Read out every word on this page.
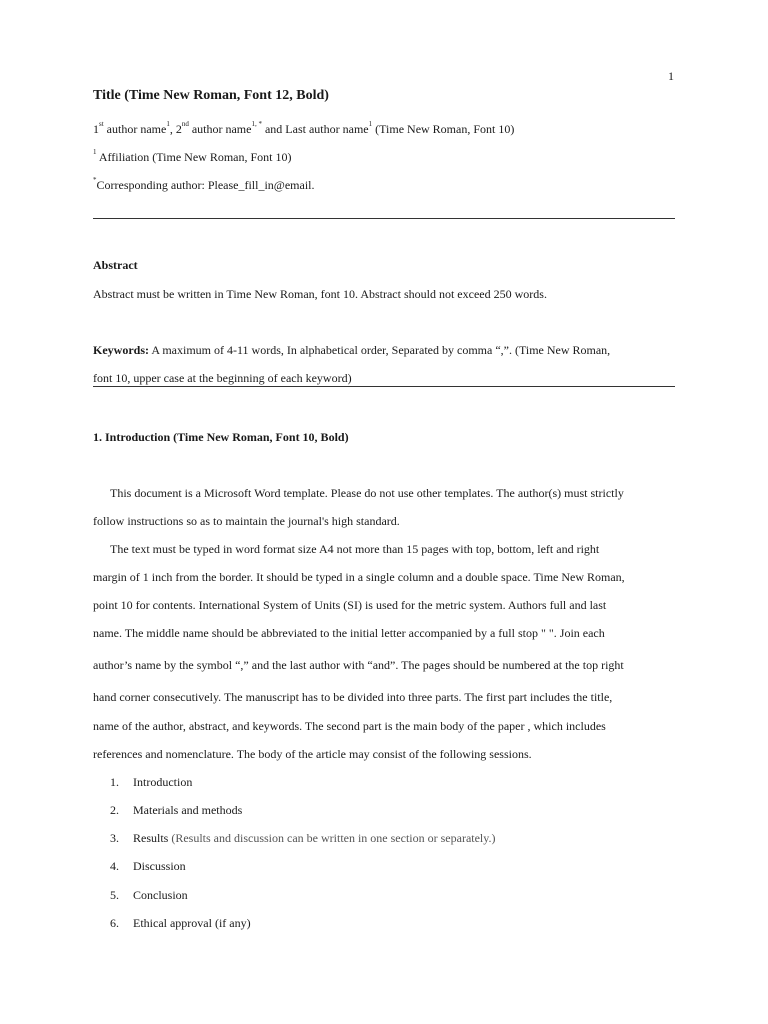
1
Title (Time New Roman, Font 12, Bold)
1st author name$^1$, 2nd author name$^{1, *}$ and Last author name$^1$ (Time New Roman, Font 10)
$^1$ Affiliation (Time New Roman, Font 10)
*Corresponding author: Please_fill_in@email.
Abstract
Abstract must be written in Time New Roman, font 10. Abstract should not exceed 250 words.
Keywords: A maximum of 4-11 words, In alphabetical order, Separated by comma “,”. (Time New Roman,
font 10, upper case at the beginning of each keyword)
1. Introduction (Time New Roman, Font 10, Bold)

This document is a Microsoft Word template. Please do not use other templates. The author(s) must strictly

follow instructions so as to maintain the journal's high standard.

The text must be typed in word format size A4 not more than 15 pages with top, bottom, left and right

margin of 1 inch from the border. It should be typed in a single column and a double space. Time New Roman,

point 10 for contents. International System of Units (SI) is used for the metric system. Authors full and last

name. The middle name should be abbreviated to the initial letter accompanied by a full stop " ". Join each

author’s name by the symbol “,” and the last author with “and”. The pages should be numbered at the top right

hand corner consecutively. The manuscript has to be divided into three parts. The first part includes the title,

name of the author, abstract, and keywords. The second part is the main body of the paper , which includes

references and nomenclature. The body of the article may consist of the following sessions.

1. Introduction
2. Materials and methods
3. Results (Results and discussion can be written in one section or separately.)
4. Discussion
5. Conclusion
6. Ethical approval (if any)
